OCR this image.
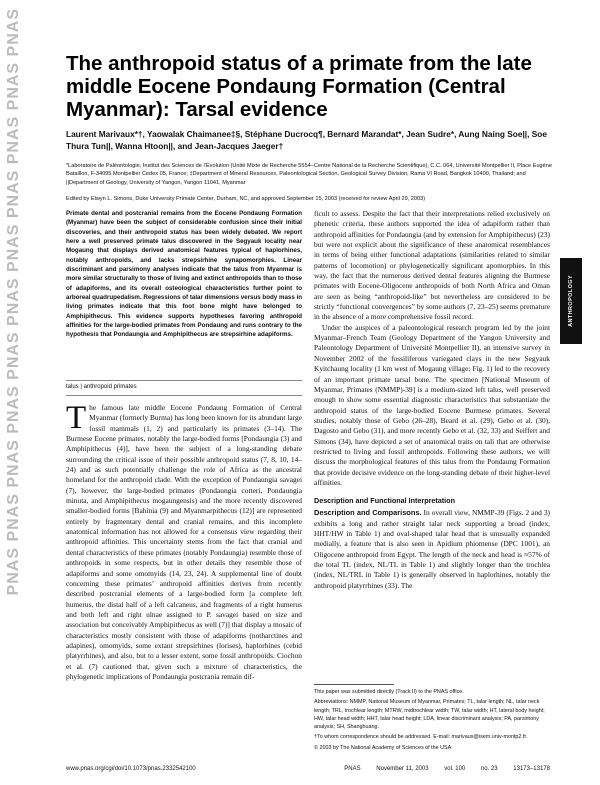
PNAS PNAS PNAS PNAS PNAS PNAS PNAS PNAS PNAS PNAS PNAS The anthropoid status of a primate from the late middle Eocene Pondaung Formation (Central Myanmar): Tarsal evidence
Laurent Marivaux*†, Yaowalak Chaimanee‡§, Stéphane Ducrocq¶, Bernard Marandat*, Jean Sudre*, Aung Naing Soe||, Soe Thura Tun||, Wanna Htoon||, and Jean-Jacques Jaeger†
*Laboratoire de Paléontologie, Institut des Sciences de l’Évolution (Unité Mixte de Recherche 5554–Centre National de la Recherche Scientifique), C.C. 064, Université Montpellier II, Place Eugène Bataillon, F-34095 Montpellier Cedex 05, France; ‡Department of Mineral Resources, Paleontological Section, Geological Survey Division, Rama VI Road, Bangkok 10400, Thailand; and ||Department of Geology, University of Yangon, Yangon 11041, Myanmar
Edited by Elwyn L. Simons, Duke University Primate Center, Durham, NC, and approved September 15, 2003 (received for review April 29, 2003)
Primate dental and postcranial remains from the Eocene Pondaung Formation (Myanmar) have been the subject of considerable confusion since their initial discoveries, and their anthropoid status has been widely debated. We report here a well preserved primate talus discovered in the Segyauk locality near Mogaung that displays derived anatomical features typical of haplorhines, notably anthropoids, and lacks strepsirhine synapomorphies. Linear discriminant and parsimony analyses indicate that the talus from Myanmar is more similar structurally to those of living and extinct anthropoids than to those of adapiforms, and its overall osteological characteristics further point to arboreal quadrupedalism. Regressions of talar dimensions versus body mass in living primates indicate that this foot bone might have belonged to Amphipithecus. This evidence supports hypotheses favoring anthropoid affinities for the large-bodied primates from Pondaung and runs contrary to the hypothesis that Pondaungia and Amphipithecus are strepsirhine adapiforms.
talus | anthropoid primates
The famous late middle Eocene Pondaung Formation of Central Myanmar (formerly Burma) has long been known for its abundant large fossil mammals (1, 2) and particularly its primates (3–14). The Burmese Eocene primates, notably the large-bodied forms [Pondaungia (3) and Amphipithecus (4)], have been the subject of a long-standing debate surrounding the critical issue of their possible anthropoid status (7, 8, 10, 14–24) and as such potentially challenge the role of Africa as the ancestral homeland for the anthropoid clade. With the exception of Pondaungia savagei (7), however, the large-bodied primates (Pondaungia cotteri, Pondaungia minuta, and Amphipithecus mogaungensis) and the more recently discovered smaller-bodied forms [Bahinia (9) and Myanmarpithecus (12)] are represented entirely by fragmentary dental and cranial remains, and this incomplete anatomical information has not allowed for a consensus view regarding their anthropoid affinities. This uncertainty stems from the fact that cranial and dental characteristics of these primates (notably Pondaungia) resemble those of anthropoids in some respects, but in other details they resemble those of adapiforms and some omomyids (14, 23, 24). A supplemental line of doubt concerning these primates’ anthropoid affinities derives from recently described postcranial elements of a large-bodied form [a complete left humerus, the distal half of a left calcaneus, and fragments of a right humerus and both left and right ulnae assigned to P. savagei based on size and association but conceivably Amphipithecus as well (7)] that display a mosaic of characteristics mostly consistent with those of adapiforms (notharctines and adapines), omomyids, some extant strepsirhines (lorises), haplorhines (cebid platyrrhines), and also, but to a lesser extent, some fossil anthropoids. Ciochon et al. (7) cautioned that, given such a mixture of characteristics, the phylogenetic implications of Pondaungia postcrania remain dif-

ficult to assess. Despite the fact that their interpretations relied exclusively on phenetic criteria, these authors supported the idea of adapiform rather than anthropoid affinities for Pondaungia (and by extension for Amphipithecus) (23) but were not explicit about the significance of these anatomical resemblances in terms of being either functional adaptations (similarities related to similar patterns of locomotion) or phylogenetically significant apomorphies. In this way, the fact that the numerous derived dental features aligning the Burmese primates with Eocene-Oligocene anthropoids of both North Africa and Oman are seen as being “anthropoid-like” but nevertheless are considered to be strictly “functional convergences” by some authors (7, 23–25) seems premature in the absence of a more comprehensive fossil record.

Under the auspices of a paleontological research program led by the joint Myanmar–French Team (Geology Department of the Yangon University and Paleontology Department of Université Montpellier II), an intensive survey in November 2002 of the fossiliferous variegated clays in the new Segyauk Kyitchaung locality (1 km west of Mogaung village; Fig. 1) led to the recovery of an important primate tarsal bone. The specimen [National Museum of Myanmar, Primates (NMMP)-39] is a medium-sized left talus, well preserved enough to show some essential diagnostic characteristics that substantiate the anthropoid status of the large-bodied Eocene Burmese primates. Several studies, notably those of Gebo (26–28), Beard et al. (29), Gebo et al. (30), Dagosto and Gebo (31), and more recently Gebo et al. (32, 33) and Seiffert and Simons (34), have depicted a set of anatomical traits on tali that are otherwise restricted to living and fossil anthropoids. Following these authors, we will discuss the morphological features of this talus from the Pondaung Formation that provide decisive evidence on the long-standing debate of their higher-level affinities.

Description and Functional Interpretation

Description and Comparisons. In overall view, NMMP-39 (Figs. 2 and 3) exhibits a long and rather straight talar neck supporting a broad (index, HHT/HW in Table 1) and oval-shaped talar head that is unusually expanded medially, a feature that is also seen in Apidium phiomense (DPC 1001), an Oligocene anthropoid from Egypt. The length of the neck and head is ≈57% of the total TL (index, NL/TL in Table 1) and slightly longer than the trochlea (index, NL/TRL in Table 1) is generally observed in haplorhines, notably the anthropoid platyrrhines (33). The

ANTHROPOLOGY

This paper was submitted directly (Track II) to the PNAS office.

Abbreviations: NMMP, National Museum of Myanmar, Primates; TL, talar length; NL, talar neck length; TRL, trochlear length; MTRW, midtrochlear width; TW, talar width; HT, lateral body height; HW, talar head width; HHT, talar head height; LDA, linear discriminant analysis; PA, parsimony analysis; SH, Shanghuang.

†To whom correspondence should be addressed. E-mail: marivaux@isem.univ-montp2.fr.

© 2003 by The National Academy of Sciences of the USA

www.pnas.org/cgi/doi/10.1073/pnas.2332542100	PNAS	November 11, 2003	vol. 100	no. 23	13173–13178
